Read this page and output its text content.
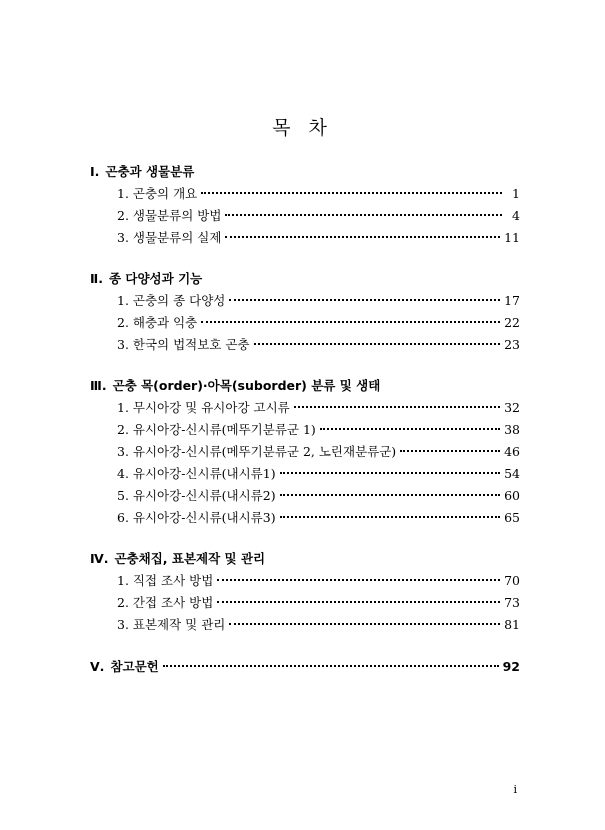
목 차
Ⅰ. 곤충과 생물분류
1. 곤충의 개요	1
2. 생물분류의 방법	4
3. 생물분류의 실제	11
Ⅱ. 종 다양성과 기능
1. 곤충의 종 다양성	17
2. 해충과 익충	22
3. 한국의 법적보호 곤충	23
Ⅲ. 곤충 목(order)·아목(suborder) 분류 및 생태
1. 무시아강 및 유시아강 고시류	32
2. 유시아강-신시류(메뚜기분류군 1)	38
3. 유시아강-신시류(메뚜기분류군 2, 노린재분류군)	46
4. 유시아강-신시류(내시류1)	54
5. 유시아강-신시류(내시류2)	60
6. 유시아강-신시류(내시류3)	65
Ⅳ. 곤충채집, 표본제작 및 관리
1. 직접 조사 방법	70
2. 간접 조사 방법	73
3. 표본제작 및 관리	81
Ⅴ. 참고문헌	92
i
